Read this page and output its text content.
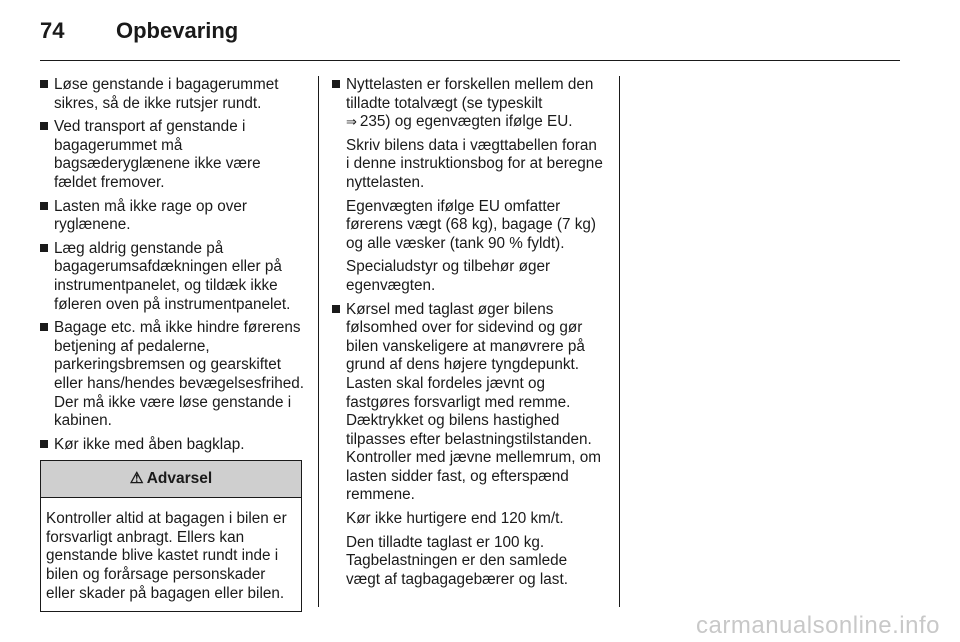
74	Opbevaring
Løse genstande i bagagerummet sikres, så de ikke rutsjer rundt.
Ved transport af genstande i bagagerummet må bagsæderyglænene ikke være fældet fremover.
Lasten må ikke rage op over ryglænene.
Læg aldrig genstande på bagagerumsafdækningen eller på instrumentpanelet, og tildæk ikke føleren oven på instrumentpanelet.
Bagage etc. må ikke hindre førerens betjening af pedalerne, parkeringsbremsen og gearskiftet eller hans/hendes bevægelsesfrihed. Der må ikke være løse genstande i kabinen.
Kør ikke med åben bagklap.
⚠ Advarsel
Kontroller altid at bagagen i bilen er forsvarligt anbragt. Ellers kan genstande blive kastet rundt inde i bilen og forårsage personskader eller skader på bagagen eller bilen.
Nyttelasten er forskellen mellem den tilladte totalvægt (se typeskilt
⇒ 235) og egenvægten ifølge EU.
Skriv bilens data i vægttabellen foran i denne instruktionsbog for at beregne nyttelasten.
Egenvægten ifølge EU omfatter førerens vægt (68 kg), bagage (7 kg) og alle væsker (tank 90 % fyldt).
Specialudstyr og tilbehør øger egenvægten.
Kørsel med taglast øger bilens følsomhed over for sidevind og gør bilen vanskeligere at manøvrere på grund af dens højere tyngdepunkt. Lasten skal fordeles jævnt og fastgøres forsvarligt med remme. Dæktrykket og bilens hastighed tilpasses efter belastningstilstanden. Kontroller med jævne mellemrum, om lasten sidder fast, og efterspænd remmene.
Kør ikke hurtigere end 120 km/t.
Den tilladte taglast er 100 kg. Tagbelastningen er den samlede vægt af tagbagagebærer og last.
carmanualsonline.info
